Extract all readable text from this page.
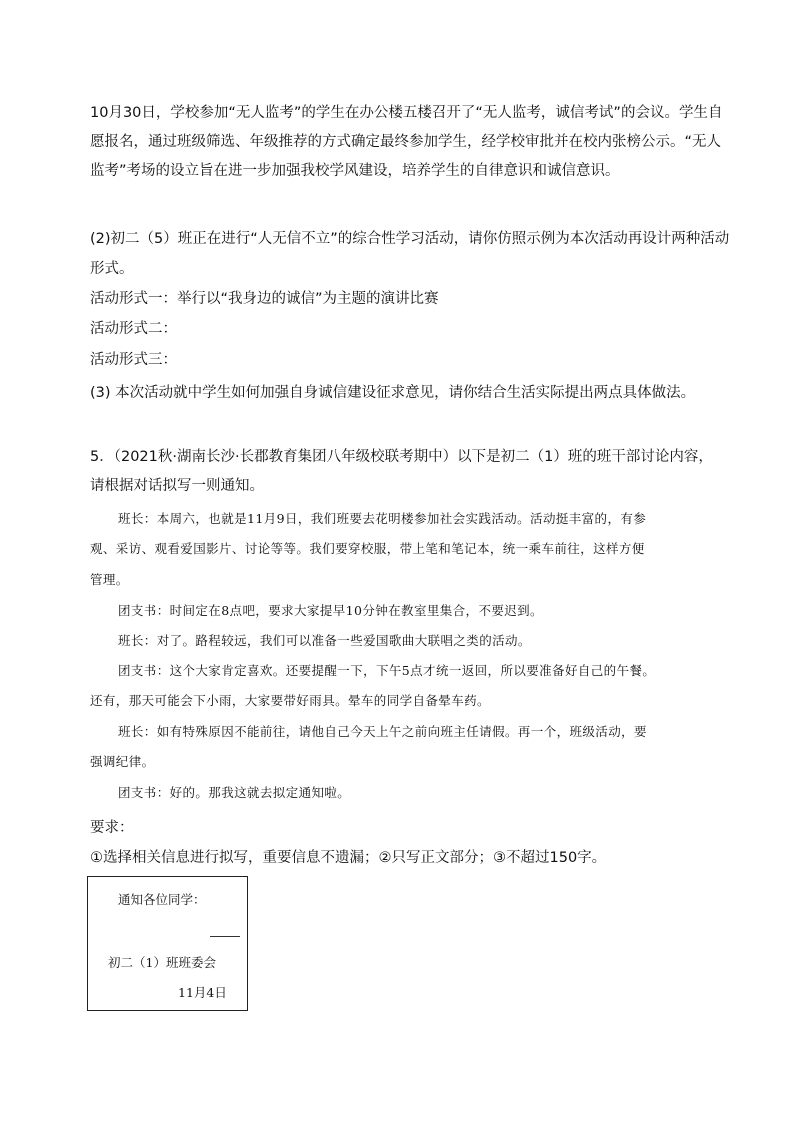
10月30日，学校参加“无人监考”的学生在办公楼五楼召开了“无人监考，诚信考试”的会议。学生自
愿报名，通过班级筛选、年级推荐的方式确定最终参加学生，经学校审批并在校内张榜公示。“无人
监考”考场的设立旨在进一步加强我校学风建设，培养学生的自律意识和诚信意识。
(2)初二（5）班正在进行“人无信不立”的综合性学习活动，请你仿照示例为本次活动再设计两种活动
形式。
活动形式一：举行以“我身边的诚信”为主题的演讲比赛
活动形式二：
活动形式三：
(3) 本次活动就中学生如何加强自身诚信建设征求意见，请你结合生活实际提出两点具体做法。
5．（2021秋·湖南长沙·长郡教育集团八年级校联考期中）以下是初二（1）班的班干部讨论内容，
请根据对话拟写一则通知。
班长：本周六，也就是11月9日，我们班要去花明楼参加社会实践活动。活动挺丰富的，有参
观、采访、观看爱国影片、讨论等等。我们要穿校服，带上笔和笔记本，统一乘车前往，这样方便
管理。
团支书：时间定在8点吧，要求大家提早10分钟在教室里集合，不要迟到。
班长：对了。路程较远，我们可以准备一些爱国歌曲大联唱之类的活动。
团支书：这个大家肯定喜欢。还要提醒一下，下午5点才统一返回，所以要准备好自己的午餐。
还有，那天可能会下小雨，大家要带好雨具。晕车的同学自备晕车药。
班长：如有特殊原因不能前往，请他自己今天上午之前向班主任请假。再一个，班级活动，要
强调纪律。
团支书：好的。那我这就去拟定通知啦。
要求：
①选择相关信息进行拟写，重要信息不遗漏；②只写正文部分；③不超过150字。
通知各位同学：
初二（1）班班委会
11月4日
